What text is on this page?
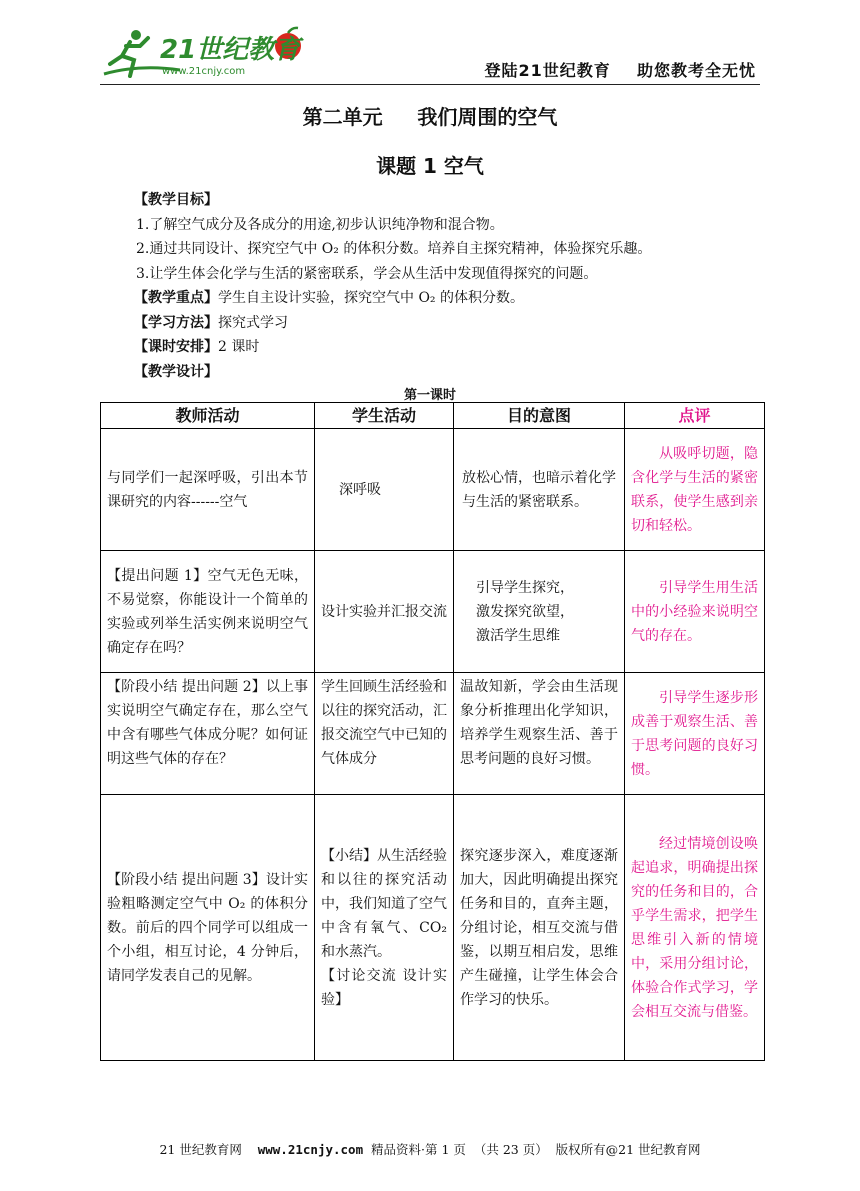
21世纪教育
www.21cnjy.com	登陆21世纪教育    助您教考全无忧
第二单元     我们周围的空气
课题 1 空气
【教学目标】
1.了解空气成分及各成分的用途,初步认识纯净物和混合物。
2.通过共同设计、探究空气中 O₂ 的体积分数。培养自主探究精神，体验探究乐趣。
3.让学生体会化学与生活的紧密联系，学会从生活中发现值得探究的问题。
【教学重点】学生自主设计实验，探究空气中 O₂ 的体积分数。
【学习方法】探究式学习
【课时安排】2 课时
【教学设计】
第一课时
教师活动	学生活动	目的意图	点评
与同学们一起深呼吸，引出本节课研究的内容------空气	深呼吸	放松心情，也暗示着化学与生活的紧密联系。	从吸呼切题，隐含化学与生活的紧密联系，使学生感到亲切和轻松。
【提出问题 1】空气无色无味，不易觉察，你能设计一个简单的实验或列举生活实例来说明空气确定存在吗？	设计实验并汇报交流	引导学生探究，
激发探究欲望，
激活学生思维	引导学生用生活中的小经验来说明空气的存在。
【阶段小结 提出问题 2】以上事实说明空气确定存在，那么空气中含有哪些气体成分呢？如何证明这些气体的存在？	学生回顾生活经验和以往的探究活动，汇报交流空气中已知的气体成分	温故知新，学会由生活现象分析推理出化学知识，培养学生观察生活、善于思考问题的良好习惯。	引导学生逐步形成善于观察生活、善于思考问题的良好习惯。
【阶段小结 提出问题 3】设计实验粗略测定空气中 O₂ 的体积分数。前后的四个同学可以组成一个小组，相互讨论，4 分钟后，请同学发表自己的见解。	【小结】从生活经验和以往的探究活动中，我们知道了空气中含有氧气、CO₂ 和水蒸汽。
【讨论交流 设计实验】	探究逐步深入，难度逐渐加大，因此明确提出探究任务和目的，直奔主题，分组讨论，相互交流与借鉴，以期互相启发，思维产生碰撞，让学生体会合作学习的快乐。	经过情境创设唤起追求，明确提出探究的任务和目的，合乎学生需求，把学生思维引入新的情境中，采用分组讨论，体验合作式学习，学会相互交流与借鉴。
21 世纪教育网 www.21cnjy.com 精品资料·第 1 页  （共 23 页）  版权所有@21 世纪教育网
